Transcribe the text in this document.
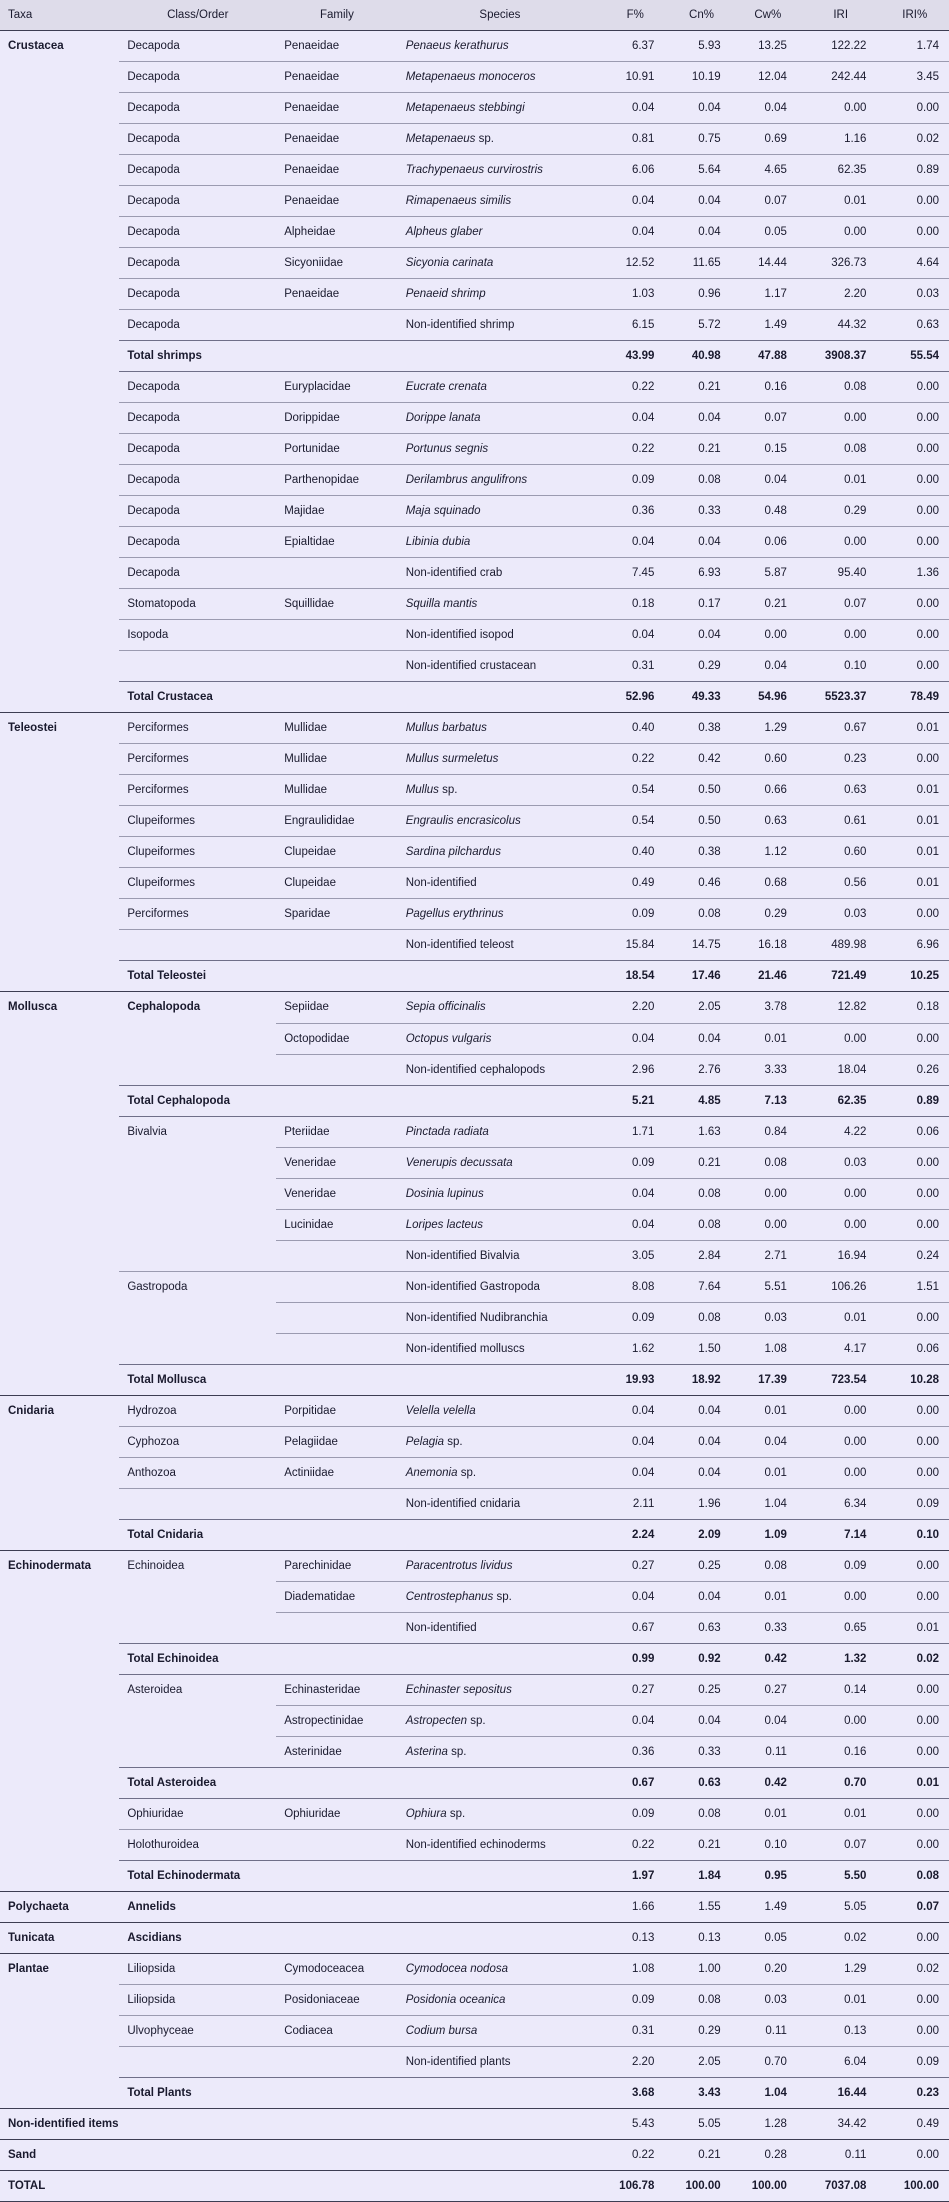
Taxa	Class/Order	Family	Species	F%	Cn%	Cw%	IRI	IRI%
Crustacea	Decapoda	Penaeidae	Penaeus kerathurus	6.37	5.93	13.25	122.22	1.74
	Decapoda	Penaeidae	Metapenaeus monoceros	10.91	10.19	12.04	242.44	3.45
	Decapoda	Penaeidae	Metapenaeus stebbingi	0.04	0.04	0.04	0.00	0.00
	Decapoda	Penaeidae	Metapenaeus sp.	0.81	0.75	0.69	1.16	0.02
	Decapoda	Penaeidae	Trachypenaeus curvirostris	6.06	5.64	4.65	62.35	0.89
	Decapoda	Penaeidae	Rimapenaeus similis	0.04	0.04	0.07	0.01	0.00
	Decapoda	Alpheidae	Alpheus glaber	0.04	0.04	0.05	0.00	0.00
	Decapoda	Sicyoniidae	Sicyonia carinata	12.52	11.65	14.44	326.73	4.64
	Decapoda	Penaeidae	Penaeid shrimp	1.03	0.96	1.17	2.20	0.03
	Decapoda		Non-identified shrimp	6.15	5.72	1.49	44.32	0.63
	Total shrimps			43.99	40.98	47.88	3908.37	55.54
	Decapoda	Euryplacidae	Eucrate crenata	0.22	0.21	0.16	0.08	0.00
	Decapoda	Dorippidae	Dorippe lanata	0.04	0.04	0.07	0.00	0.00
	Decapoda	Portunidae	Portunus segnis	0.22	0.21	0.15	0.08	0.00
	Decapoda	Parthenopidae	Derilambrus angulifrons	0.09	0.08	0.04	0.01	0.00
	Decapoda	Majidae	Maja squinado	0.36	0.33	0.48	0.29	0.00
	Decapoda	Epialtidae	Libinia dubia	0.04	0.04	0.06	0.00	0.00
	Decapoda		Non-identified crab	7.45	6.93	5.87	95.40	1.36
	Stomatopoda	Squillidae	Squilla mantis	0.18	0.17	0.21	0.07	0.00
	Isopoda		Non-identified isopod	0.04	0.04	0.00	0.00	0.00
			Non-identified crustacean	0.31	0.29	0.04	0.10	0.00
	Total Crustacea			52.96	49.33	54.96	5523.37	78.49
Teleostei	Perciformes	Mullidae	Mullus barbatus	0.40	0.38	1.29	0.67	0.01
	Perciformes	Mullidae	Mullus surmeletus	0.22	0.42	0.60	0.23	0.00
	Perciformes	Mullidae	Mullus sp.	0.54	0.50	0.66	0.63	0.01
	Clupeiformes	Engraulididae	Engraulis encrasicolus	0.54	0.50	0.63	0.61	0.01
	Clupeiformes	Clupeidae	Sardina pilchardus	0.40	0.38	1.12	0.60	0.01
	Clupeiformes	Clupeidae	Non-identified	0.49	0.46	0.68	0.56	0.01
	Perciformes	Sparidae	Pagellus erythrinus	0.09	0.08	0.29	0.03	0.00
			Non-identified teleost	15.84	14.75	16.18	489.98	6.96
	Total Teleostei			18.54	17.46	21.46	721.49	10.25
Mollusca	Cephalopoda	Sepiidae	Sepia officinalis	2.20	2.05	3.78	12.82	0.18
		Octopodidae	Octopus vulgaris	0.04	0.04	0.01	0.00	0.00
			Non-identified cephalopods	2.96	2.76	3.33	18.04	0.26
	Total Cephalopoda			5.21	4.85	7.13	62.35	0.89
	Bivalvia	Pteriidae	Pinctada radiata	1.71	1.63	0.84	4.22	0.06
		Veneridae	Venerupis decussata	0.09	0.21	0.08	0.03	0.00
		Veneridae	Dosinia lupinus	0.04	0.08	0.00	0.00	0.00
		Lucinidae	Loripes lacteus	0.04	0.08	0.00	0.00	0.00
			Non-identified Bivalvia	3.05	2.84	2.71	16.94	0.24
	Gastropoda		Non-identified Gastropoda	8.08	7.64	5.51	106.26	1.51
			Non-identified Nudibranchia	0.09	0.08	0.03	0.01	0.00
			Non-identified molluscs	1.62	1.50	1.08	4.17	0.06
	Total Mollusca			19.93	18.92	17.39	723.54	10.28
Cnidaria	Hydrozoa	Porpitidae	Velella velella	0.04	0.04	0.01	0.00	0.00
	Cyphozoa	Pelagiidae	Pelagia sp.	0.04	0.04	0.04	0.00	0.00
	Anthozoa	Actiniidae	Anemonia sp.	0.04	0.04	0.01	0.00	0.00
			Non-identified cnidaria	2.11	1.96	1.04	6.34	0.09
	Total Cnidaria			2.24	2.09	1.09	7.14	0.10
Echinodermata	Echinoidea	Parechinidae	Paracentrotus lividus	0.27	0.25	0.08	0.09	0.00
		Diadematidae	Centrostephanus sp.	0.04	0.04	0.01	0.00	0.00
			Non-identified	0.67	0.63	0.33	0.65	0.01
	Total Echinoidea			0.99	0.92	0.42	1.32	0.02
	Asteroidea	Echinasteridae	Echinaster sepositus	0.27	0.25	0.27	0.14	0.00
		Astropectinidae	Astropecten sp.	0.04	0.04	0.04	0.00	0.00
		Asterinidae	Asterina sp.	0.36	0.33	0.11	0.16	0.00
	Total Asteroidea			0.67	0.63	0.42	0.70	0.01
	Ophiuridae	Ophiuridae	Ophiura sp.	0.09	0.08	0.01	0.01	0.00
	Holothuroidea		Non-identified echinoderms	0.22	0.21	0.10	0.07	0.00
	Total Echinodermata			1.97	1.84	0.95	5.50	0.08
Polychaeta	Annelids			1.66	1.55	1.49	5.05	0.07
Tunicata	Ascidians			0.13	0.13	0.05	0.02	0.00
Plantae	Liliopsida	Cymodoceacea	Cymodocea nodosa	1.08	1.00	0.20	1.29	0.02
	Liliopsida	Posidoniaceae	Posidonia oceanica	0.09	0.08	0.03	0.01	0.00
	Ulvophyceae	Codiacea	Codium bursa	0.31	0.29	0.11	0.13	0.00
			Non-identified plants	2.20	2.05	0.70	6.04	0.09
	Total Plants			3.68	3.43	1.04	16.44	0.23
Non-identified items				5.43	5.05	1.28	34.42	0.49
Sand				0.22	0.21	0.28	0.11	0.00
TOTAL				106.78	100.00	100.00	7037.08	100.00
